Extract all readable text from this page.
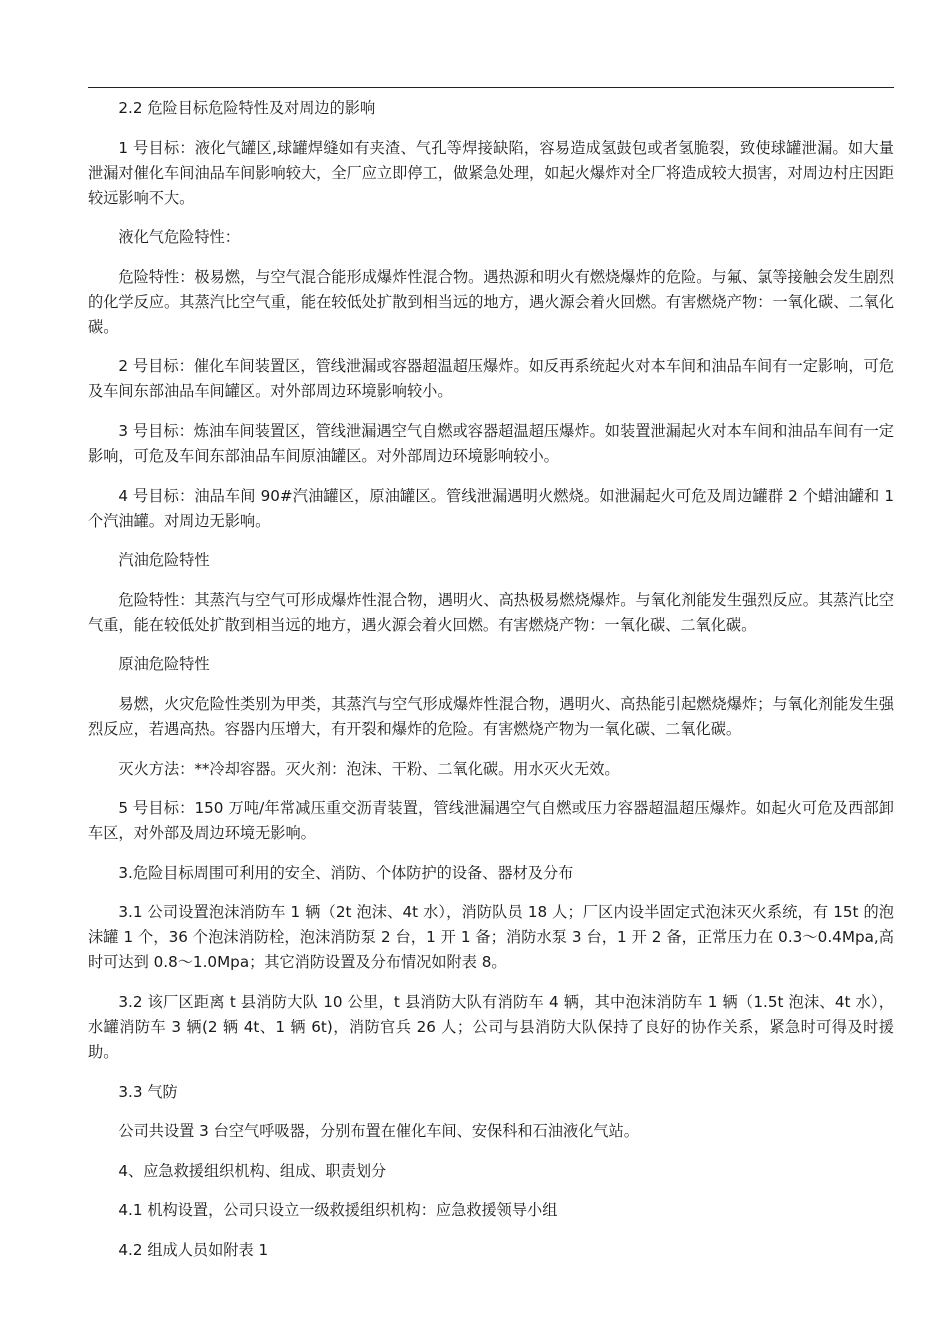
2.2 危险目标危险特性及对周边的影响

1 号目标：液化气罐区,球罐焊缝如有夹渣、气孔等焊接缺陷，容易造成氢鼓包或者氢脆裂，致使球罐泄漏。如大量泄漏对催化车间油品车间影响较大，全厂应立即停工，做紧急处理，如起火爆炸对全厂将造成较大损害，对周边村庄因距较远影响不大。

液化气危险特性：

危险特性：极易燃，与空气混合能形成爆炸性混合物。遇热源和明火有燃烧爆炸的危险。与氟、氯等接触会发生剧烈的化学反应。其蒸汽比空气重，能在较低处扩散到相当远的地方，遇火源会着火回燃。有害燃烧产物：一氧化碳、二氧化碳。

2 号目标：催化车间装置区，管线泄漏或容器超温超压爆炸。如反再系统起火对本车间和油品车间有一定影响，可危及车间东部油品车间罐区。对外部周边环境影响较小。

3 号目标：炼油车间装置区，管线泄漏遇空气自燃或容器超温超压爆炸。如装置泄漏起火对本车间和油品车间有一定影响，可危及车间东部油品车间原油罐区。对外部周边环境影响较小。

4 号目标：油品车间 90#汽油罐区，原油罐区。管线泄漏遇明火燃烧。如泄漏起火可危及周边罐群 2 个蜡油罐和 1 个汽油罐。对周边无影响。

汽油危险特性

危险特性：其蒸汽与空气可形成爆炸性混合物，遇明火、高热极易燃烧爆炸。与氧化剂能发生强烈反应。其蒸汽比空气重，能在较低处扩散到相当远的地方，遇火源会着火回燃。有害燃烧产物：一氧化碳、二氧化碳。

原油危险特性

易燃，火灾危险性类别为甲类，其蒸汽与空气形成爆炸性混合物，遇明火、高热能引起燃烧爆炸；与氧化剂能发生强烈反应，若遇高热。容器内压增大，有开裂和爆炸的危险。有害燃烧产物为一氧化碳、二氧化碳。

灭火方法：**冷却容器。灭火剂：泡沫、干粉、二氧化碳。用水灭火无效。

5 号目标：150 万吨/年常减压重交沥青装置，管线泄漏遇空气自燃或压力容器超温超压爆炸。如起火可危及西部卸车区，对外部及周边环境无影响。

3.危险目标周围可利用的安全、消防、个体防护的设备、器材及分布

3.1 公司设置泡沫消防车 1 辆（2t 泡沫、4t 水），消防队员 18 人；厂区内设半固定式泡沫灭火系统，有 15t 的泡沫罐 1 个，36 个泡沫消防栓，泡沫消防泵 2 台，1 开 1 备；消防水泵 3 台，1 开 2 备，正常压力在 0.3～0.4Mpa,高时可达到 0.8～1.0Mpa；其它消防设置及分布情况如附表 8。

3.2 该厂区距离 t 县消防大队 10 公里，t 县消防大队有消防车 4 辆，其中泡沫消防车 1 辆（1.5t 泡沫、4t 水），水罐消防车 3 辆(2 辆 4t、1 辆 6t)，消防官兵 26 人；公司与县消防大队保持了良好的协作关系，紧急时可得及时援助。

3.3 气防

公司共设置 3 台空气呼吸器，分别布置在催化车间、安保科和石油液化气站。

4、应急救援组织机构、组成、职责划分

4.1 机构设置，公司只设立一级救援组织机构：应急救援领导小组

4.2 组成人员如附表 1
